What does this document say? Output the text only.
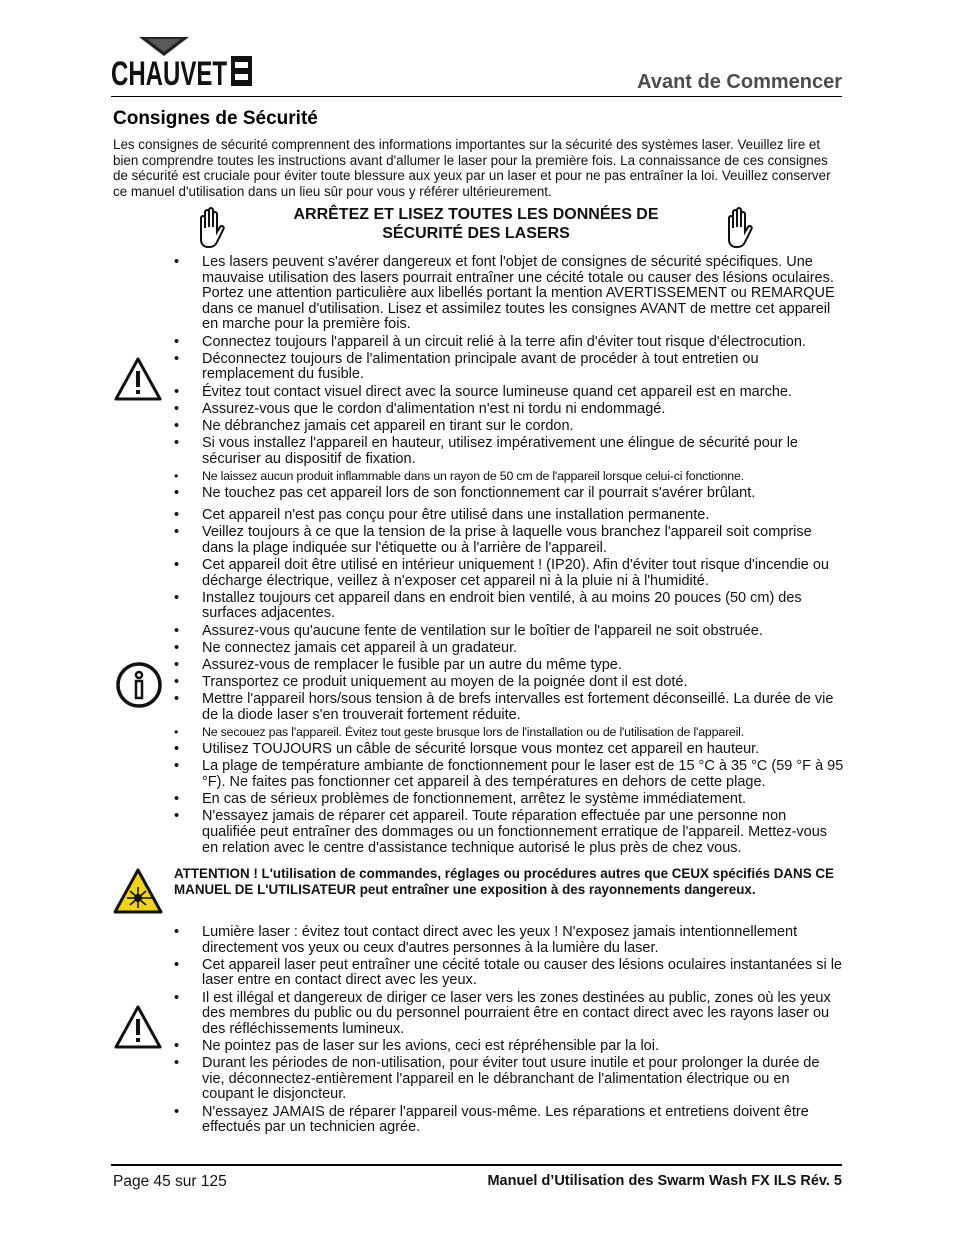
CHAUVET	Avant de Commencer
Consignes de Sécurité
Les consignes de sécurité comprennent des informations importantes sur la sécurité des systèmes laser. Veuillez lire et bien comprendre toutes les instructions avant d'allumer le laser pour la première fois. La connaissance de ces consignes de sécurité est cruciale pour éviter toute blessure aux yeux par un laser et pour ne pas entraîner la loi. Veuillez conserver ce manuel d'utilisation dans un lieu sûr pour vous y référer ultérieurement.
ARRÊTEZ ET LISEZ TOUTES LES DONNÉES DE
SÉCURITÉ DES LASERS
• Les lasers peuvent s'avérer dangereux et font l'objet de consignes de sécurité spécifiques. Une mauvaise utilisation des lasers pourrait entraîner une cécité totale ou causer des lésions oculaires. Portez une attention particulière aux libellés portant la mention AVERTISSEMENT ou REMARQUE dans ce manuel d'utilisation. Lisez et assimilez toutes les consignes AVANT de mettre cet appareil en marche pour la première fois.
• Connectez toujours l'appareil à un circuit relié à la terre afin d'éviter tout risque d'électrocution.
• Déconnectez toujours de l'alimentation principale avant de procéder à tout entretien ou remplacement du fusible.
• Évitez tout contact visuel direct avec la source lumineuse quand cet appareil est en marche.
• Assurez-vous que le cordon d'alimentation n'est ni tordu ni endommagé.
• Ne débranchez jamais cet appareil en tirant sur le cordon.
• Si vous installez l'appareil en hauteur, utilisez impérativement une élingue de sécurité pour le sécuriser au dispositif de fixation.
• Ne laissez aucun produit inflammable dans un rayon de 50 cm de l'appareil lorsque celui-ci fonctionne.
• Ne touchez pas cet appareil lors de son fonctionnement car il pourrait s'avérer brûlant.
• Cet appareil n'est pas conçu pour être utilisé dans une installation permanente.
• Veillez toujours à ce que la tension de la prise à laquelle vous branchez l'appareil soit comprise dans la plage indiquée sur l'étiquette ou à l'arrière de l'appareil.
• Cet appareil doit être utilisé en intérieur uniquement ! (IP20). Afin d'éviter tout risque d'incendie ou décharge électrique, veillez à n'exposer cet appareil ni à la pluie ni à l'humidité.
• Installez toujours cet appareil dans en endroit bien ventilé, à au moins 20 pouces (50 cm) des surfaces adjacentes.
• Assurez-vous qu'aucune fente de ventilation sur le boîtier de l'appareil ne soit obstruée.
• Ne connectez jamais cet appareil à un gradateur.
• Assurez-vous de remplacer le fusible par un autre du même type.
• Transportez ce produit uniquement au moyen de la poignée dont il est doté.
• Mettre l'appareil hors/sous tension à de brefs intervalles est fortement déconseillé. La durée de vie de la diode laser s'en trouverait fortement réduite.
• Ne secouez pas l'appareil. Évitez tout geste brusque lors de l'installation ou de l'utilisation de l'appareil.
• Utilisez TOUJOURS un câble de sécurité lorsque vous montez cet appareil en hauteur.
• La plage de température ambiante de fonctionnement pour le laser est de 15 °C à 35 °C (59 °F à 95 °F). Ne faites pas fonctionner cet appareil à des températures en dehors de cette plage.
• En cas de sérieux problèmes de fonctionnement, arrêtez le système immédiatement.
• N'essayez jamais de réparer cet appareil. Toute réparation effectuée par une personne non qualifiée peut entraîner des dommages ou un fonctionnement erratique de l'appareil. Mettez-vous en relation avec le centre d'assistance technique autorisé le plus près de chez vous.
ATTENTION ! L'utilisation de commandes, réglages ou procédures autres que CEUX spécifiés DANS CE MANUEL DE L'UTILISATEUR peut entraîner une exposition à des rayonnements dangereux.
• Lumière laser : évitez tout contact direct avec les yeux ! N'exposez jamais intentionnellement directement vos yeux ou ceux d'autres personnes à la lumière du laser.
• Cet appareil laser peut entraîner une cécité totale ou causer des lésions oculaires instantanées si le laser entre en contact direct avec les yeux.
• Il est illégal et dangereux de diriger ce laser vers les zones destinées au public, zones où les yeux des membres du public ou du personnel pourraient être en contact direct avec les rayons laser ou des réfléchissements lumineux.
• Ne pointez pas de laser sur les avions, ceci est répréhensible par la loi.
• Durant les périodes de non-utilisation, pour éviter tout usure inutile et pour prolonger la durée de vie, déconnectez-entièrement l'appareil en le débranchant de l'alimentation électrique ou en coupant le disjoncteur.
• N'essayez JAMAIS de réparer l'appareil vous-même. Les réparations et entretiens doivent être effectués par un technicien agrée.
Page 45 sur 125	Manuel d’Utilisation des Swarm Wash FX ILS Rév. 5
